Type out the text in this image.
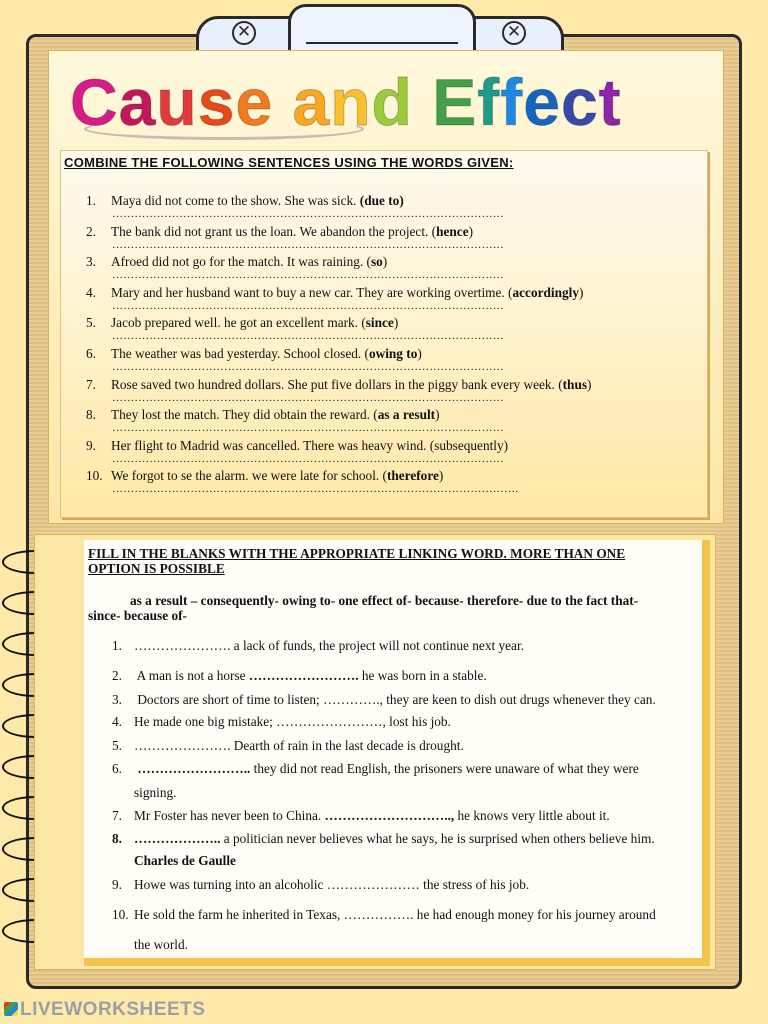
✕	✕
Cause and Effect
COMBINE THE FOLLOWING SENTENCES USING THE WORDS GIVEN:
1. Maya did not come to the show. She was sick. (due to)
……………………………………………………………………………………………
2. The bank did not grant us the loan. We abandon the project. (hence)
……………………………………………………………………………………………
3. Afroed did not go for the match. It was raining. (so)
……………………………………………………………………………………………
4. Mary and her husband want to buy a new car. They are working overtime. (accordingly)
……………………………………………………………………………………………
5. Jacob prepared well. he got an excellent mark. (since)
……………………………………………………………………………………………
6. The weather was bad yesterday. School closed. (owing to)
……………………………………………………………………………………………
7. Rose saved two hundred dollars. She put five dollars in the piggy bank every week. (thus)
……………………………………………………………………………………………
8. They lost the match. They did obtain the reward. (as a result)
……………………………………………………………………………………………
9. Her flight to Madrid was cancelled. There was heavy wind. (subsequently)
……………………………………………………………………………………………
10. We forgot to se the alarm. we were late for school. (therefore)
……………………………………………………………………………………………….
FILL IN THE BLANKS WITH THE APPROPRIATE LINKING WORD. MORE THAN ONE
OPTION IS POSSIBLE
as a result – consequently- owing to- one effect of- because- therefore- due to the fact that-
since- because of-
1. …………………. a lack of funds, the project will not continue next year.
2. A man is not a horse ……………………. he was born in a stable.
3. Doctors are short of time to listen; …………., they are keen to dish out drugs whenever they can.
4. He made one big mistake; ……………………, lost his job.
5. …………………. Dearth of rain in the last decade is drought.
6. …………………….. they did not read English, the prisoners were unaware of what they were
signing.
7. Mr Foster has never been to China. ……………………….., he knows very little about it.
8. ……………….. a politician never believes what he says, he is surprised when others believe him.
Charles de Gaulle
9. Howe was turning into an alcoholic ………………… the stress of his job.
10. He sold the farm he inherited in Texas, ……………. he had enough money for his journey around
the world.
LIVEWORKSHEETS
